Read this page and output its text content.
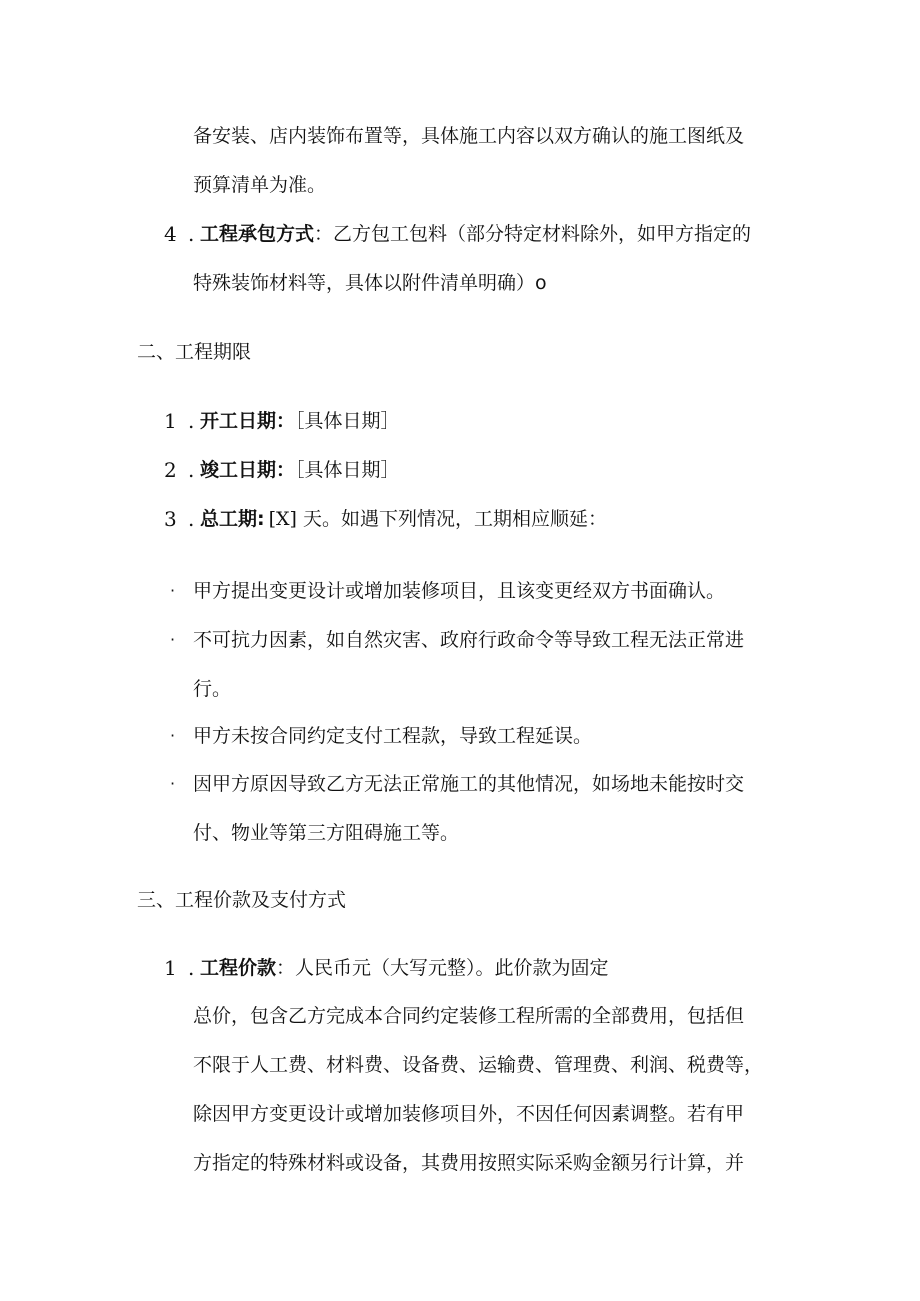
备安装、店内装饰布置等，具体施工内容以双方确认的施工图纸及
预算清单为准。
4 . 工程承包方式：乙方包工包料（部分特定材料除外，如甲方指定的
特殊装饰材料等，具体以附件清单明确）o
二、工程期限
1 . 开工日期：［具体日期］
2 . 竣工日期：［具体日期］
3 . 总工期: [X] 天。如遇下列情况，工期相应顺延：
· 甲方提出变更设计或增加装修项目，且该变更经双方书面确认。
· 不可抗力因素，如自然灾害、政府行政命令等导致工程无法正常进
行。
· 甲方未按合同约定支付工程款，导致工程延误。
· 因甲方原因导致乙方无法正常施工的其他情况，如场地未能按时交
付、物业等第三方阻碍施工等。
三、工程价款及支付方式
1 . 工程价款：人民币元（大写元整）。此价款为固定
总价，包含乙方完成本合同约定装修工程所需的全部费用，包括但
不限于人工费、材料费、设备费、运输费、管理费、利润、税费等，
除因甲方变更设计或增加装修项目外，不因任何因素调整。若有甲
方指定的特殊材料或设备，其费用按照实际采购金额另行计算，并
